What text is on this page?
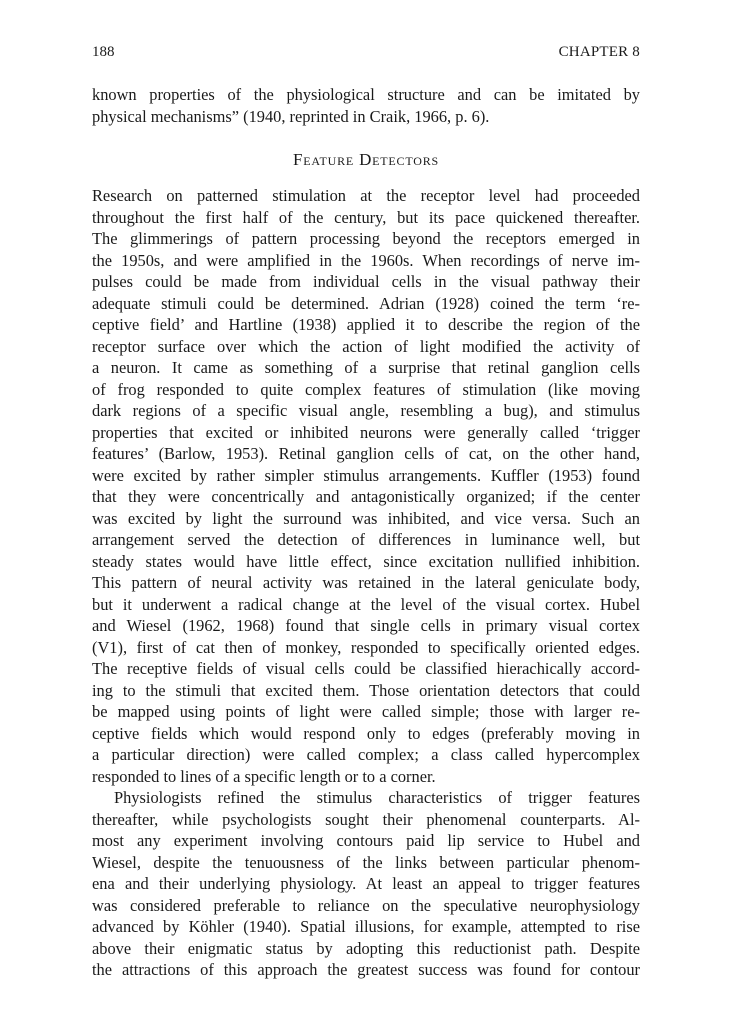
188	CHAPTER 8
known properties of the physiological structure and can be imitated by
physical mechanisms” (1940, reprinted in Craik, 1966, p. 6).
Feature Detectors
Research on patterned stimulation at the receptor level had proceeded
throughout the first half of the century, but its pace quickened thereafter.
The glimmerings of pattern processing beyond the receptors emerged in
the 1950s, and were amplified in the 1960s. When recordings of nerve im-
pulses could be made from individual cells in the visual pathway their
adequate stimuli could be determined. Adrian (1928) coined the term ‘re-
ceptive field’ and Hartline (1938) applied it to describe the region of the
receptor surface over which the action of light modified the activity of
a neuron. It came as something of a surprise that retinal ganglion cells
of frog responded to quite complex features of stimulation (like moving
dark regions of a specific visual angle, resembling a bug), and stimulus
properties that excited or inhibited neurons were generally called ‘trigger
features’ (Barlow, 1953). Retinal ganglion cells of cat, on the other hand,
were excited by rather simpler stimulus arrangements. Kuffler (1953) found
that they were concentrically and antagonistically organized; if the center
was excited by light the surround was inhibited, and vice versa. Such an
arrangement served the detection of differences in luminance well, but
steady states would have little effect, since excitation nullified inhibition.
This pattern of neural activity was retained in the lateral geniculate body,
but it underwent a radical change at the level of the visual cortex. Hubel
and Wiesel (1962, 1968) found that single cells in primary visual cortex
(V1), first of cat then of monkey, responded to specifically oriented edges.
The receptive fields of visual cells could be classified hierachically accord-
ing to the stimuli that excited them. Those orientation detectors that could
be mapped using points of light were called simple; those with larger re-
ceptive fields which would respond only to edges (preferably moving in
a particular direction) were called complex; a class called hypercomplex
responded to lines of a specific length or to a corner.
Physiologists refined the stimulus characteristics of trigger features
thereafter, while psychologists sought their phenomenal counterparts. Al-
most any experiment involving contours paid lip service to Hubel and
Wiesel, despite the tenuousness of the links between particular phenom-
ena and their underlying physiology. At least an appeal to trigger features
was considered preferable to reliance on the speculative neurophysiology
advanced by Köhler (1940). Spatial illusions, for example, attempted to rise
above their enigmatic status by adopting this reductionist path. Despite
the attractions of this approach the greatest success was found for contour
